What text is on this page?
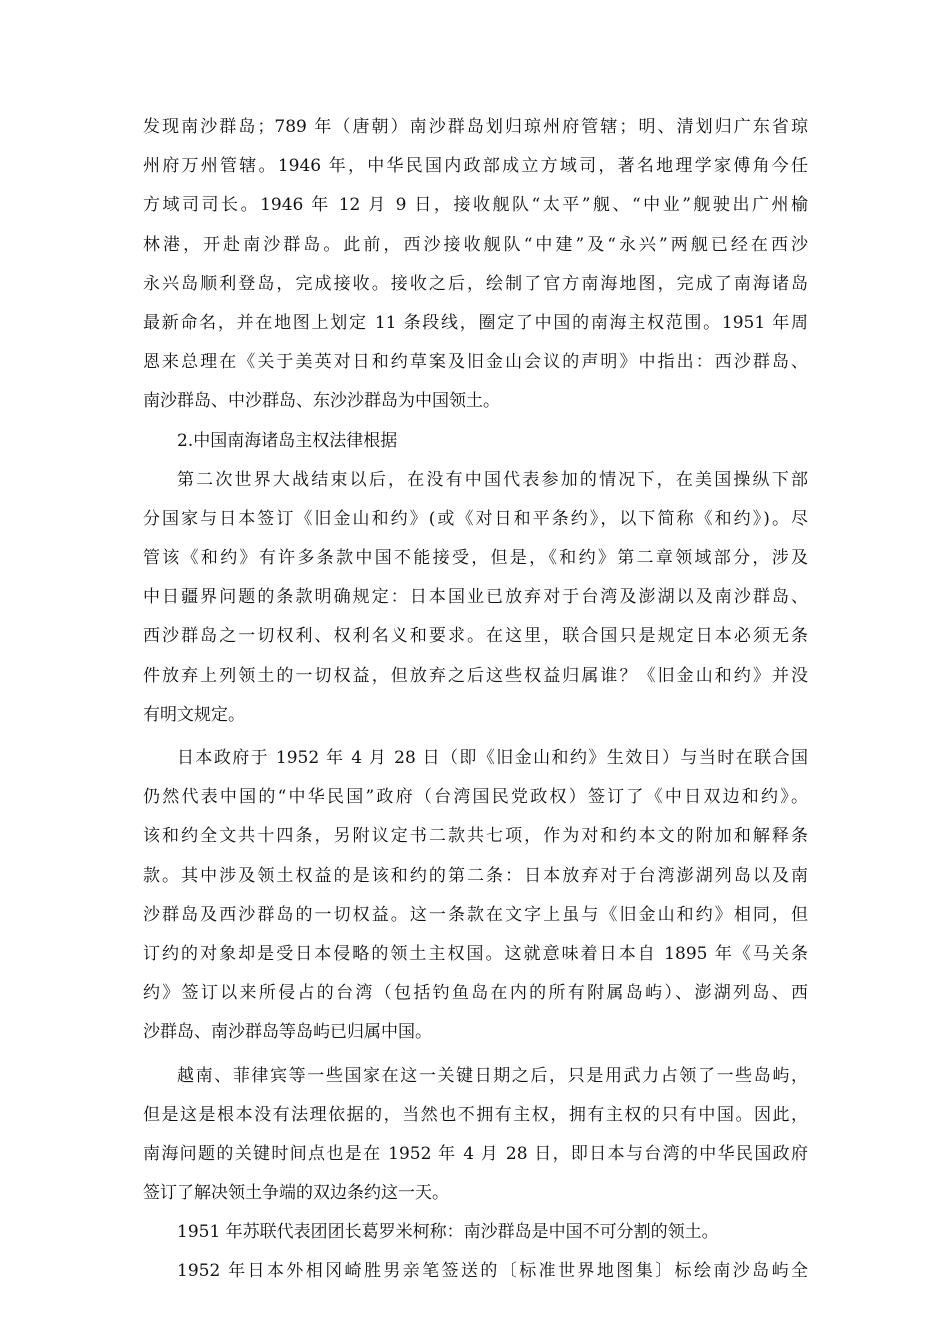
发现南沙群岛；789 年（唐朝）南沙群岛划归琼州府管辖；明、清划归广东省琼
州府万州管辖。1946 年，中华民国内政部成立方域司，著名地理学家傅角今任
方域司司长。1946 年 12 月 9 日，接收舰队“太平”舰、“中业”舰驶出广州榆
林港，开赴南沙群岛。此前，西沙接收舰队“中建”及“永兴”两舰已经在西沙
永兴岛顺利登岛，完成接收。接收之后，绘制了官方南海地图，完成了南海诸岛
最新命名，并在地图上划定 11 条段线，圈定了中国的南海主权范围。1951 年周
恩来总理在《关于美英对日和约草案及旧金山会议的声明》中指出：西沙群岛、
南沙群岛、中沙群岛、东沙沙群岛为中国领土。
2.中国南海诸岛主权法律根据
第二次世界大战结束以后，在没有中国代表参加的情况下，在美国操纵下部
分国家与日本签订《旧金山和约》(或《对日和平条约》，以下简称《和约》)。尽
管该《和约》有许多条款中国不能接受，但是，《和约》第二章领域部分，涉及
中日疆界问题的条款明确规定：日本国业已放弃对于台湾及澎湖以及南沙群岛、
西沙群岛之一切权利、权利名义和要求。在这里，联合国只是规定日本必须无条
件放弃上列领土的一切权益，但放弃之后这些权益归属谁？《旧金山和约》并没
有明文规定。
日本政府于 1952 年 4 月 28 日（即《旧金山和约》生效日）与当时在联合国
仍然代表中国的“中华民国”政府（台湾国民党政权）签订了《中日双边和约》。
该和约全文共十四条，另附议定书二款共七项，作为对和约本文的附加和解释条
款。其中涉及领土权益的是该和约的第二条：日本放弃对于台湾澎湖列岛以及南
沙群岛及西沙群岛的一切权益。这一条款在文字上虽与《旧金山和约》相同，但
订约的对象却是受日本侵略的领土主权国。这就意味着日本自 1895 年《马关条
约》签订以来所侵占的台湾（包括钓鱼岛在内的所有附属岛屿）、澎湖列岛、西
沙群岛、南沙群岛等岛屿已归属中国。
越南、菲律宾等一些国家在这一关键日期之后，只是用武力占领了一些岛屿，
但是这是根本没有法理依据的，当然也不拥有主权，拥有主权的只有中国。因此，
南海问题的关键时间点也是在 1952 年 4 月 28 日，即日本与台湾的中华民国政府
签订了解决领土争端的双边条约这一天。
1951 年苏联代表团团长葛罗米柯称：南沙群岛是中国不可分割的领土。
1952 年日本外相冈崎胜男亲笔签送的〔标准世界地图集〕标绘南沙岛屿全
